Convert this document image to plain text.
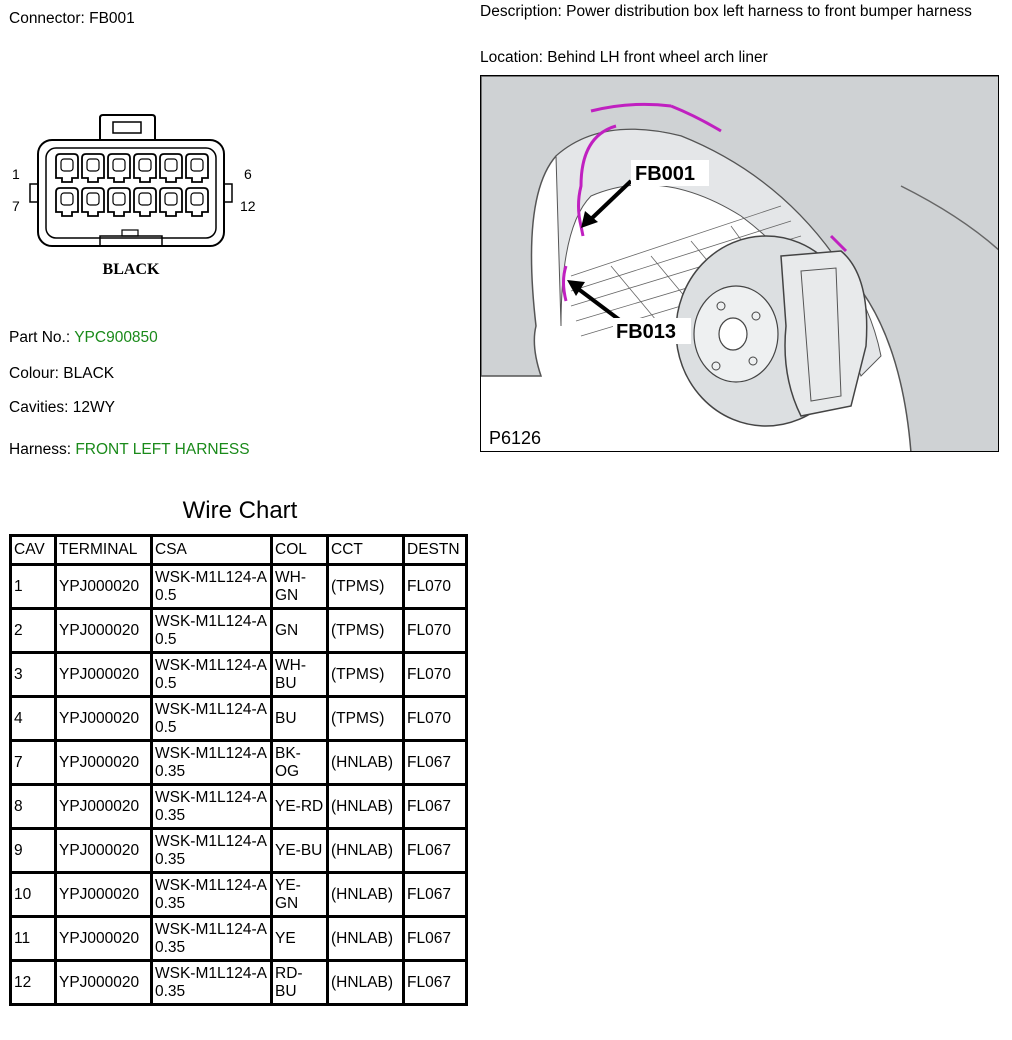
Connector: FB001	Description: Power distribution box left harness to front bumper harness
Location: Behind LH front wheel arch liner
1	6
7	12
BLACK
Part No.: YPC900850
Colour: BLACK
Cavities: 12WY
Harness: FRONT LEFT HARNESS
FB001
FB013
P6126
Wire Chart
CAV	TERMINAL	CSA	COL	CCT	DESTN
1	YPJ000020	WSK-M1L124-A 0.5	WH-GN	(TPMS)	FL070
2	YPJ000020	WSK-M1L124-A 0.5	GN	(TPMS)	FL070
3	YPJ000020	WSK-M1L124-A 0.5	WH-BU	(TPMS)	FL070
4	YPJ000020	WSK-M1L124-A 0.5	BU	(TPMS)	FL070
7	YPJ000020	WSK-M1L124-A 0.35	BK-OG	(HNLAB)	FL067
8	YPJ000020	WSK-M1L124-A 0.35	YE-RD	(HNLAB)	FL067
9	YPJ000020	WSK-M1L124-A 0.35	YE-BU	(HNLAB)	FL067
10	YPJ000020	WSK-M1L124-A 0.35	YE-GN	(HNLAB)	FL067
11	YPJ000020	WSK-M1L124-A 0.35	YE	(HNLAB)	FL067
12	YPJ000020	WSK-M1L124-A 0.35	RD-BU	(HNLAB)	FL067
